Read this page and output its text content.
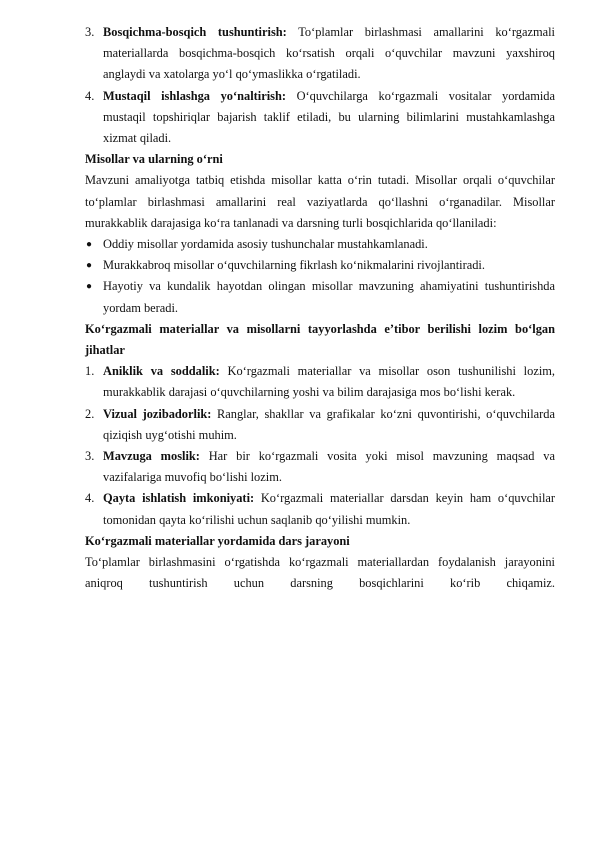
3. Bosqichma-bosqich tushuntirish: To‘plamlar birlashmasi amallarini ko‘rgazmali materiallarda bosqichma-bosqich ko‘rsatish orqali o‘quvchilar mavzuni yaxshiroq anglaydi va xatolarga yo‘l qo‘ymaslikka o‘rgatiladi.
4. Mustaqil ishlashga yo‘naltirish: O‘quvchilarga ko‘rgazmali vositalar yordamida mustaqil topshiriqlar bajarish taklif etiladi, bu ularning bilimlarini mustahkamlashga xizmat qiladi.
Misollar va ularning o‘rni
Mavzuni amaliyotga tatbiq etishda misollar katta o‘rin tutadi. Misollar orqali o‘quvchilar to‘plamlar birlashmasi amallarini real vaziyatlarda qo‘llashni o‘rganadilar. Misollar murakkablik darajasiga ko‘ra tanlanadi va darsning turli bosqichlarida qo‘llaniladi:
● Oddiy misollar yordamida asosiy tushunchalar mustahkamlanadi.
● Murakkabroq misollar o‘quvchilarning fikrlash ko‘nikmalarini rivojlantiradi.
● Hayotiy va kundalik hayotdan olingan misollar mavzuning ahamiyatini tushuntirishda yordam beradi.
Ko‘rgazmali materiallar va misollarni tayyorlashda e’tibor berilishi lozim bo‘lgan jihatlar
1. Aniklik va soddalik: Ko‘rgazmali materiallar va misollar oson tushunilishi lozim, murakkablik darajasi o‘quvchilarning yoshi va bilim darajasiga mos bo‘lishi kerak.
2. Vizual jozibadorlik: Ranglar, shakllar va grafikalar ko‘zni quvontirishi, o‘quvchilarda qiziqish uyg‘otishi muhim.
3. Mavzuga moslik: Har bir ko‘rgazmali vosita yoki misol mavzuning maqsad va vazifalariga muvofiq bo‘lishi lozim.
4. Qayta ishlatish imkoniyati: Ko‘rgazmali materiallar darsdan keyin ham o‘quvchilar tomonidan qayta ko‘rilishi uchun saqlanib qo‘yilishi mumkin.
Ko‘rgazmali materiallar yordamida dars jarayoni
To‘plamlar birlashmasini o‘rgatishda ko‘rgazmali materiallardan foydalanish jarayonini aniqroq tushuntirish uchun darsning bosqichlarini ko‘rib chiqamiz.
